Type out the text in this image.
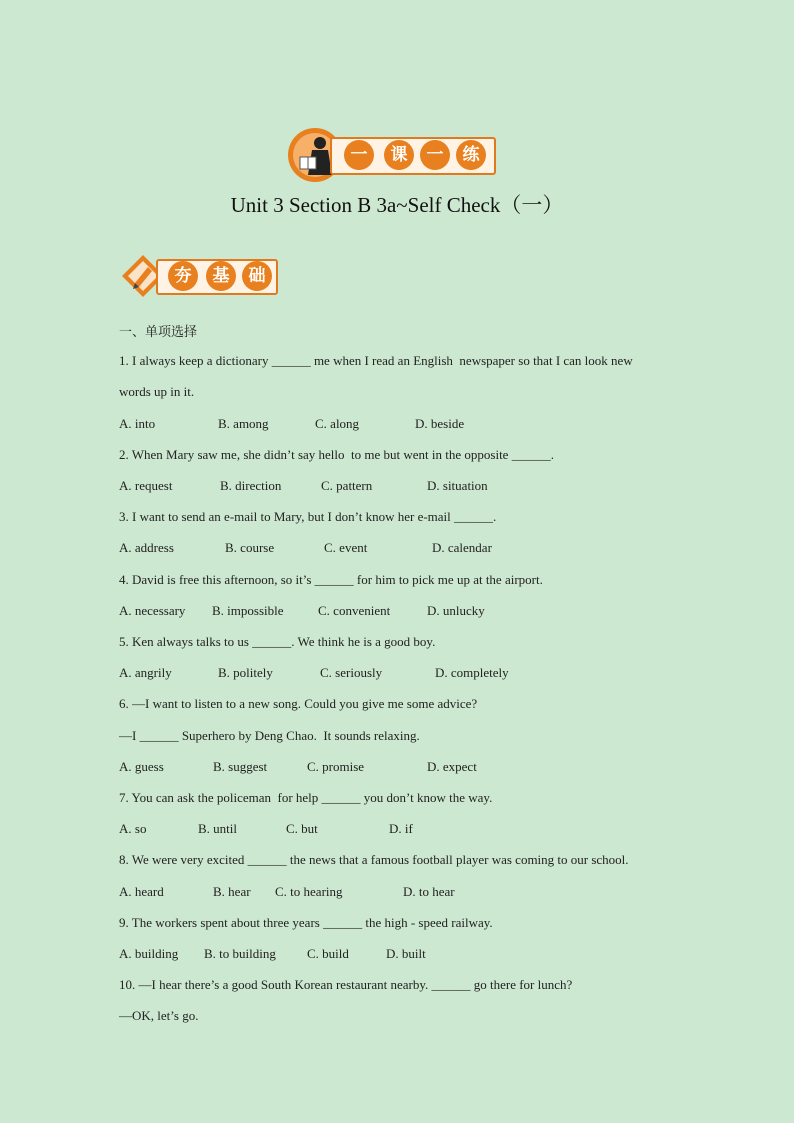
一	课	一	练
Unit 3 Section B 3a~Self Check（一）
夯	基	础
一、单项选择
1. I always keep a dictionary ______ me when I read an English  newspaper so that I can look new
words up in it.
A. into	B. among	C. along	D. beside
2. When Mary saw me, she didn’t say hello  to me but went in the opposite ______.
A. request	B. direction	C. pattern	D. situation
3. I want to send an e-mail to Mary, but I don’t know her e-mail ______.
A. address	B. course	C. event	D. calendar
4. David is free this afternoon, so it’s ______ for him to pick me up at the airport.
A. necessary B. impossible	C. convenient	D. unlucky
5. Ken always talks to us ______. We think he is a good boy.
A. angrily	B. politely	C. seriously	D. completely
6. —I want to listen to a new song. Could you give me some advice?
—I ______ Superhero by Deng Chao.  It sounds relaxing.
A. guess	B. suggest	C. promise	D. expect
7. You can ask the policeman  for help ______ you don’t know the way.
A. so	B. until	C. but	D. if
8. We were very excited ______ the news that a famous football player was coming to our school.
A. heard	B. hear C. to hearing	D. to hear
9. The workers spent about three years ______ the high - speed railway.
A. building B. to building C. build	D. built
10. —I hear there’s a good South Korean restaurant nearby. ______ go there for lunch?
—OK, let’s go.
